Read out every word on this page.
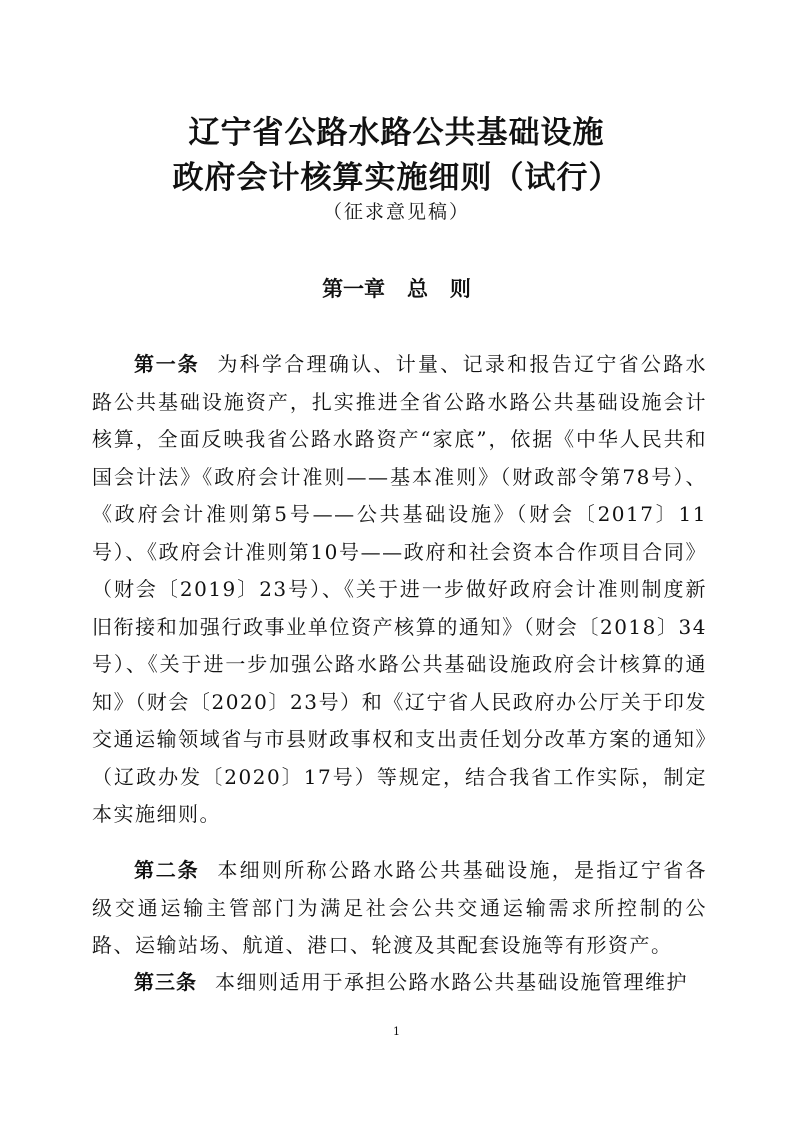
辽宁省公路水路公共基础设施
政府会计核算实施细则（试行）
（征求意见稿）
第一章   总   则
第一条 为科学合理确认、计量、记录和报告辽宁省公路水路公共基础设施资产，扎实推进全省公路水路公共基础设施会计核算，全面反映我省公路水路资产“家底”，依据《中华人民共和国会计法》《政府会计准则——基本准则》（财政部令第78号）、《政府会计准则第5号——公共基础设施》（财会〔2017〕11号）、《政府会计准则第10号——政府和社会资本合作项目合同》（财会〔2019〕23号）、《关于进一步做好政府会计准则制度新旧衔接和加强行政事业单位资产核算的通知》（财会〔2018〕34号）、《关于进一步加强公路水路公共基础设施政府会计核算的通知》（财会〔2020〕23号）和《辽宁省人民政府办公厅关于印发交通运输领域省与市县财政事权和支出责任划分改革方案的通知》（辽政办发〔2020〕17号）等规定，结合我省工作实际，制定本实施细则。
第二条 本细则所称公路水路公共基础设施，是指辽宁省各级交通运输主管部门为满足社会公共交通运输需求所控制的公路、运输站场、航道、港口、轮渡及其配套设施等有形资产。
第三条 本细则适用于承担公路水路公共基础设施管理维护
1
